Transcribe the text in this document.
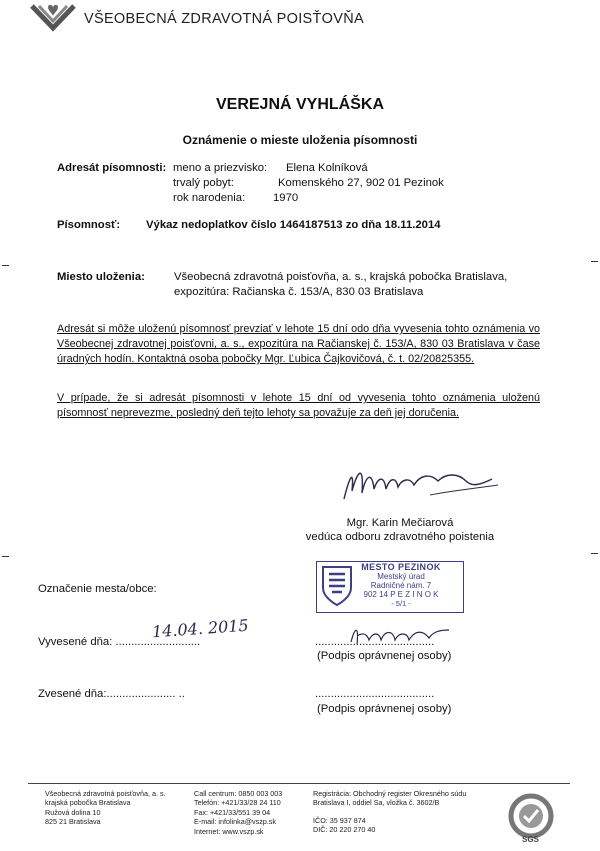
VŠEOBECNÁ ZDRAVOTNÁ POISŤOVŇA
VEREJNÁ VYHLÁŠKA
Oznámenie o mieste uloženia písomnosti
Adresát písomnosti: meno a priezvisko: Elena Kolníková
trvalý pobyt:	Komenského 27, 902 01 Pezinok
rok narodenia: 1970
Písomnosť: Výkaz nedoplatkov číslo 1464187513 zo dňa 18.11.2014
Miesto uloženia:	Všeobecná zdravotná poisťovňa, a. s., krajská pobočka Bratislava,
expozitúra: Račianska č. 153/A, 830 03 Bratislava
Adresát si môže uloženú písomnosť prevziať v lehote 15 dní odo dňa vyvesenia tohto oznámenia vo Všeobecnej zdravotnej poisťovni, a. s., expozitúra na Račianskej č. 153/A, 830 03 Bratislava v čase úradných hodín. Kontaktná osoba pobočky Mgr. Ľubica Čajkovičová, č. t. 02/20825355.
V prípade, že si adresát písomnosti v lehote 15 dní od vyvesenia tohto oznámenia uloženú písomnosť neprevezme, posledný deň tejto lehoty sa považuje za deň jej doručenia.
Mgr. Karin Mečiarová
vedúca odboru zdravotného poistenia
Označenie mesta/obce:
MESTO PEZINOK
Mestský úrad
Radničné nám. 7
902 14 P E Z I N O K
- 5/1 -
Vyvesené dňa: ...........................
14.04. 2015
......................................
(Podpis oprávnenej osoby)
Zvesené dňa:...................... ..	......................................
(Podpis oprávnenej osoby)
Všeobecná zdravotná poisťovňa, a. s.
krajská pobočka Bratislava
Ružová dolina 10
825 21 Bratislava
Call centrum: 0850 003 003
Telefón: +421/33/28 24 110
Fax: +421/33/551 39 04
E-mail: infolinka@vszp.sk
Internet: www.vszp.sk
Registrácia: Obchodný register Okresného súdu
Bratislava I, oddiel Sa, vložka č. 3602/B
IČO: 35 937 874
DIČ: 20 220 270 40
SGS
